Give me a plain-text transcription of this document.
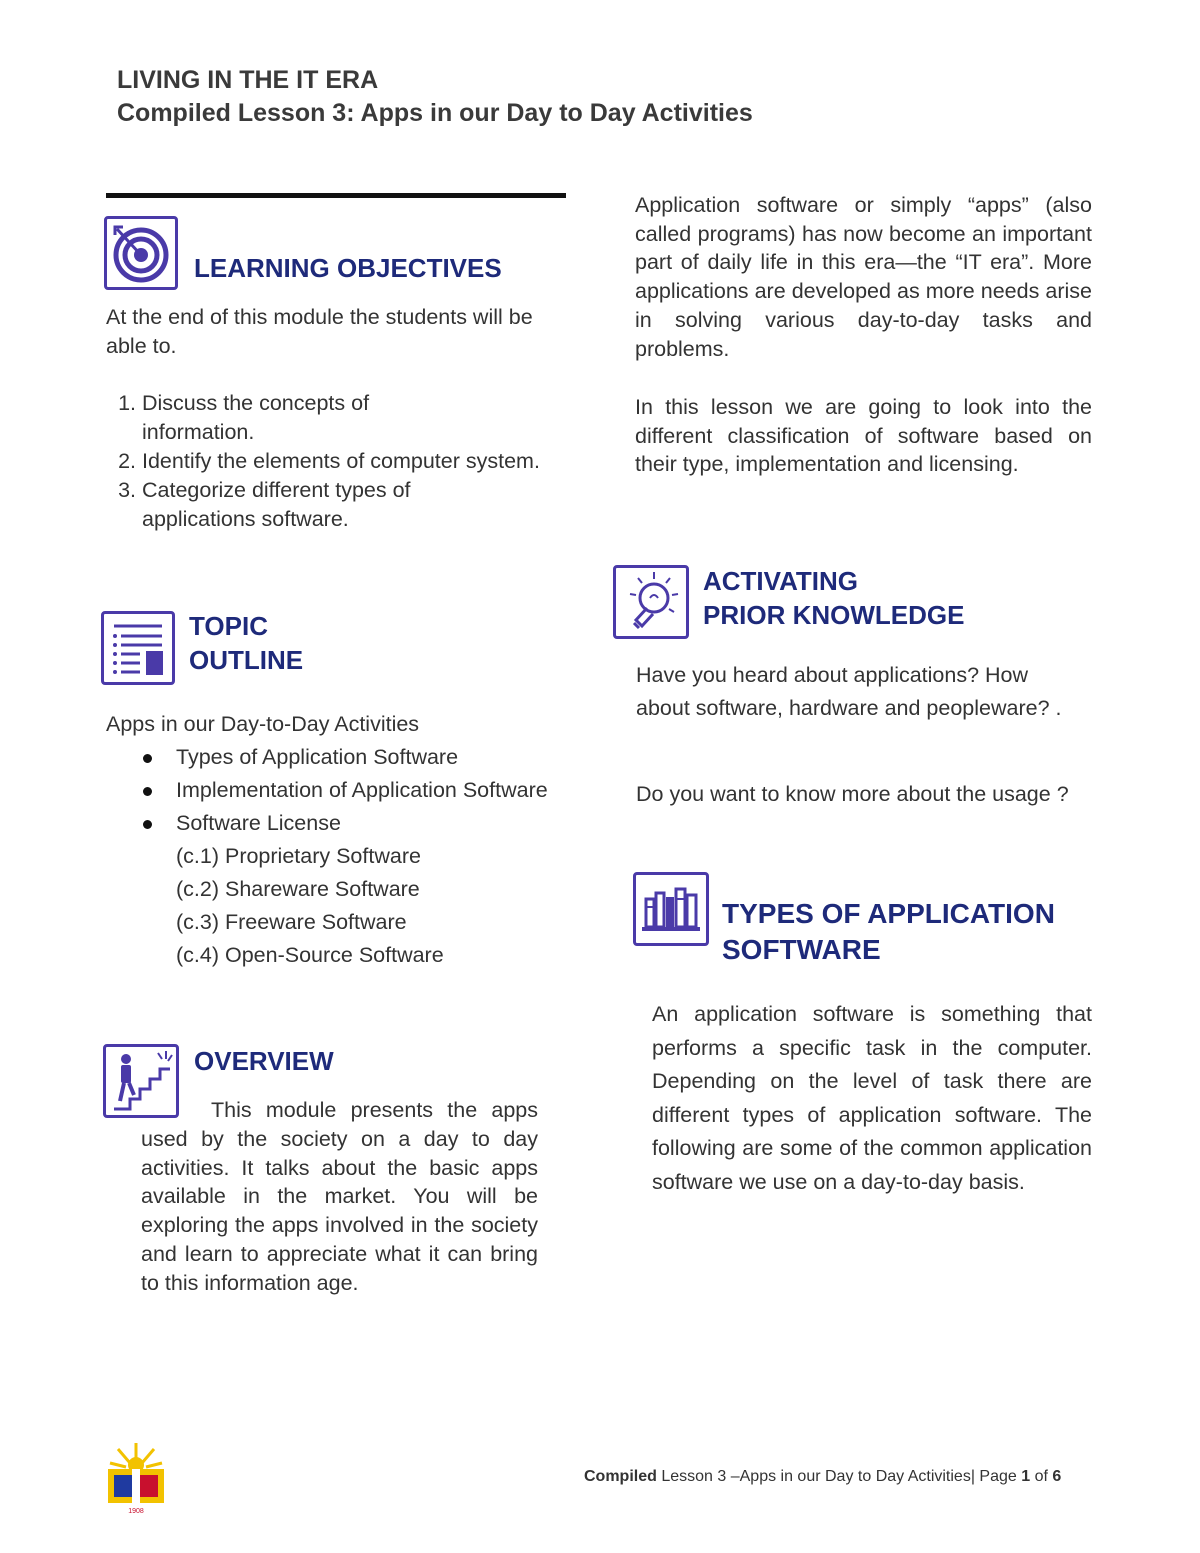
LIVING IN THE IT ERA
Compiled Lesson 3: Apps in our Day to Day Activities
LEARNING OBJECTIVES
At the end of this module the students will be able to.
1. Discuss the concepts of information.
2. Identify the elements of computer system.
3. Categorize different types of applications software.
TOPIC
OUTLINE
Apps in our Day-to-Day Activities
Types of Application Software
Implementation of Application Software
Software License
(c.1) Proprietary Software
(c.2) Shareware Software
(c.3) Freeware Software
(c.4) Open-Source Software
OVERVIEW
This module presents the apps used by the society on a day to day activities. It talks about the basic apps available in the market. You will be exploring the apps involved in the society and learn to appreciate what it can bring to this information age.
Application software or simply “apps” (also called programs) has now become an important part of daily life in this era—the “IT era”. More applications are developed as more needs arise in solving various day-to-day tasks and problems.
In this lesson we are going to look into the different classification of software based on their type, implementation and licensing.
ACTIVATING
PRIOR KNOWLEDGE
Have you heard about applications? How about software, hardware and peopleware? .
Do you want to know more about the usage ?
TYPES OF APPLICATION
SOFTWARE
An application software is something that performs a specific task in the computer. Depending on the level of task there are different types of application software. The following are some of the common application software we use on a day-to-day basis.
1908
Compiled Lesson 3 –Apps in our Day to Day Activities| Page 1 of 6
